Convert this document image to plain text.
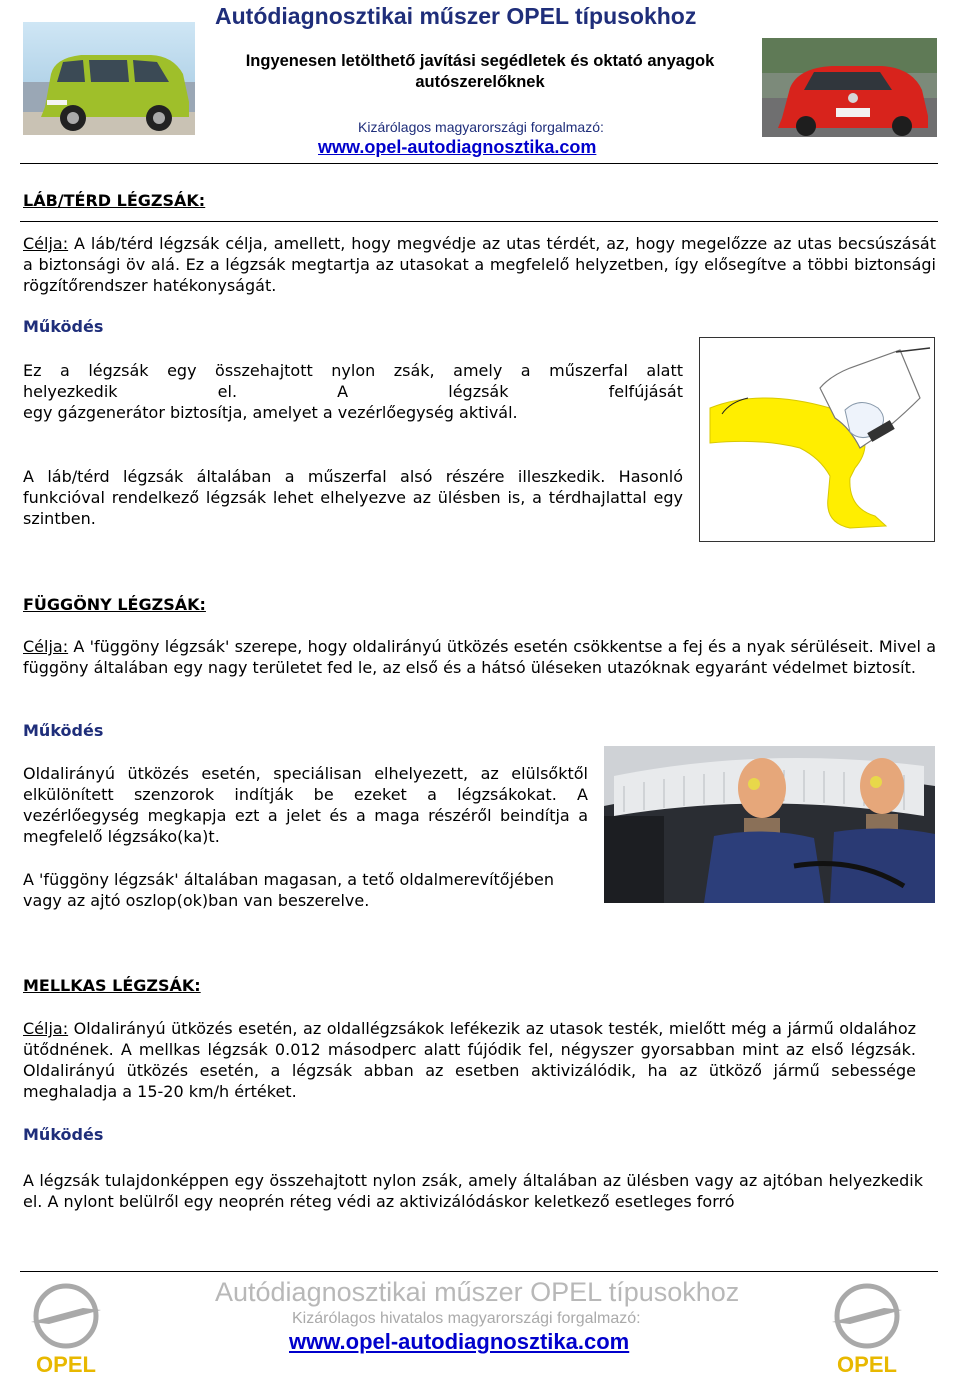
Autódiagnosztikai műszer OPEL típusokhoz
Ingyenesen letölthető javítási segédletek és oktató anyagok autószerelőknek
Kizárólagos magyarországi forgalmazó:
www.opel-autodiagnosztika.com
LÁB/TÉRD LÉGZSÁK:

Célja: A láb/térd légzsák célja, amellett, hogy megvédje az utas térdét, az, hogy megelőzze az utas becsúszását a biztonsági öv alá. Ez a légzsák megtartja az utasokat a megfelelő helyzetben, így elősegítve a többi biztonsági rögzítőrendszer hatékonyságát.

Működés

Ez a légzsák egy összehajtott nylon zsák, amely a műszerfal alatt
helyezkedik el. A légzsák felfújását
egy gázgenerátor biztosítja, amelyet a vezérlőegység aktivál.

A láb/térd légzsák általában a műszerfal alsó részére illeszkedik. Hasonló funkcióval rendelkező légzsák lehet elhelyezve az ülésben is, a térdhajlattal egy szintben.

FÜGGÖNY LÉGZSÁK:

Célja: A 'függöny légzsák' szerepe, hogy oldalirányú ütközés esetén csökkentse a fej és a nyak sérüléseit. Mivel a függöny általában egy nagy területet fed le, az első és a hátsó üléseken utazóknak egyaránt védelmet biztosít.

Működés

Oldalirányú ütközés esetén, speciálisan elhelyezett, az elülsőktől elkülönített szenzorok indítják be ezeket a légzsákokat. A vezérlőegység megkapja ezt a jelet és a maga részéről beindítja a megfelelő légzsáko(ka)t.

A 'függöny légzsák' általában magasan, a tető oldalmerevítőjében vagy az ajtó oszlop(ok)ban van beszerelve.

MELLKAS LÉGZSÁK:

Célja: Oldalirányú ütközés esetén, az oldallégzsákok lefékezik az utasok testék, mielőtt még a jármű oldalához ütődnének. A mellkas légzsák 0.012 másodperc alatt fújódik fel, négyszer gyorsabban mint az első légzsák. Oldalirányú ütközés esetén, a légzsák abban az esetben aktivizálódik, ha az ütköző jármű sebessége meghaladja a 15-20 km/h értéket.

Működés

A légzsák tulajdonképpen egy összehajtott nylon zsák, amely általában az ülésben vagy az ajtóban helyezkedik el. A nylont belülről egy neoprén réteg védi az aktivizálódáskor keletkező esetleges forró

OPEL
Autódiagnosztikai műszer OPEL típusokhoz
Kizárólagos hivatalos magyarországi forgalmazó:
www.opel-autodiagnosztika.com
OPEL
